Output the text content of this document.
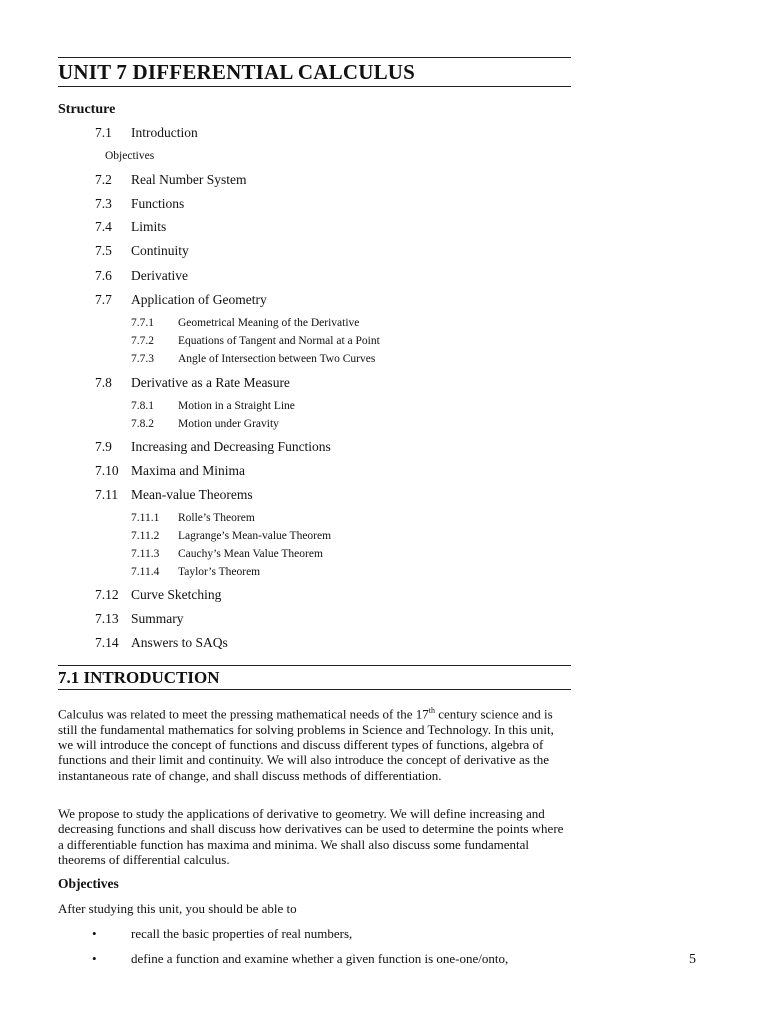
UNIT 7 DIFFERENTIAL CALCULUS
Structure
7.1 Introduction
Objectives
7.2 Real Number System
7.3 Functions
7.4 Limits
7.5 Continuity
7.6 Derivative
7.7 Application of Geometry
7.7.1 Geometrical Meaning of the Derivative
7.7.2 Equations of Tangent and Normal at a Point
7.7.3 Angle of Intersection between Two Curves
7.8 Derivative as a Rate Measure
7.8.1 Motion in a Straight Line
7.8.2 Motion under Gravity
7.9 Increasing and Decreasing Functions
7.10 Maxima and Minima
7.11 Mean-value Theorems
7.11.1 Rolle’s Theorem
7.11.2 Lagrange’s Mean-value Theorem
7.11.3 Cauchy’s Mean Value Theorem
7.11.4 Taylor’s Theorem
7.12 Curve Sketching
7.13 Summary
7.14 Answers to SAQs
7.1 INTRODUCTION

Calculus was related to meet the pressing mathematical needs of the 17th century science and is still the fundamental mathematics for solving problems in Science and Technology. In this unit, we will introduce the concept of functions and discuss different types of functions, algebra of functions and their limit and continuity. We will also introduce the concept of derivative as the instantaneous rate of change, and shall discuss methods of differentiation.

We propose to study the applications of derivative to geometry. We will define increasing and decreasing functions and shall discuss how derivatives can be used to determine the points where a differentiable function has maxima and minima. We shall also discuss some fundamental theorems of differential calculus.

Objectives
After studying this unit, you should be able to
•	recall the basic properties of real numbers,
•	define a function and examine whether a given function is one-one/onto,	5
